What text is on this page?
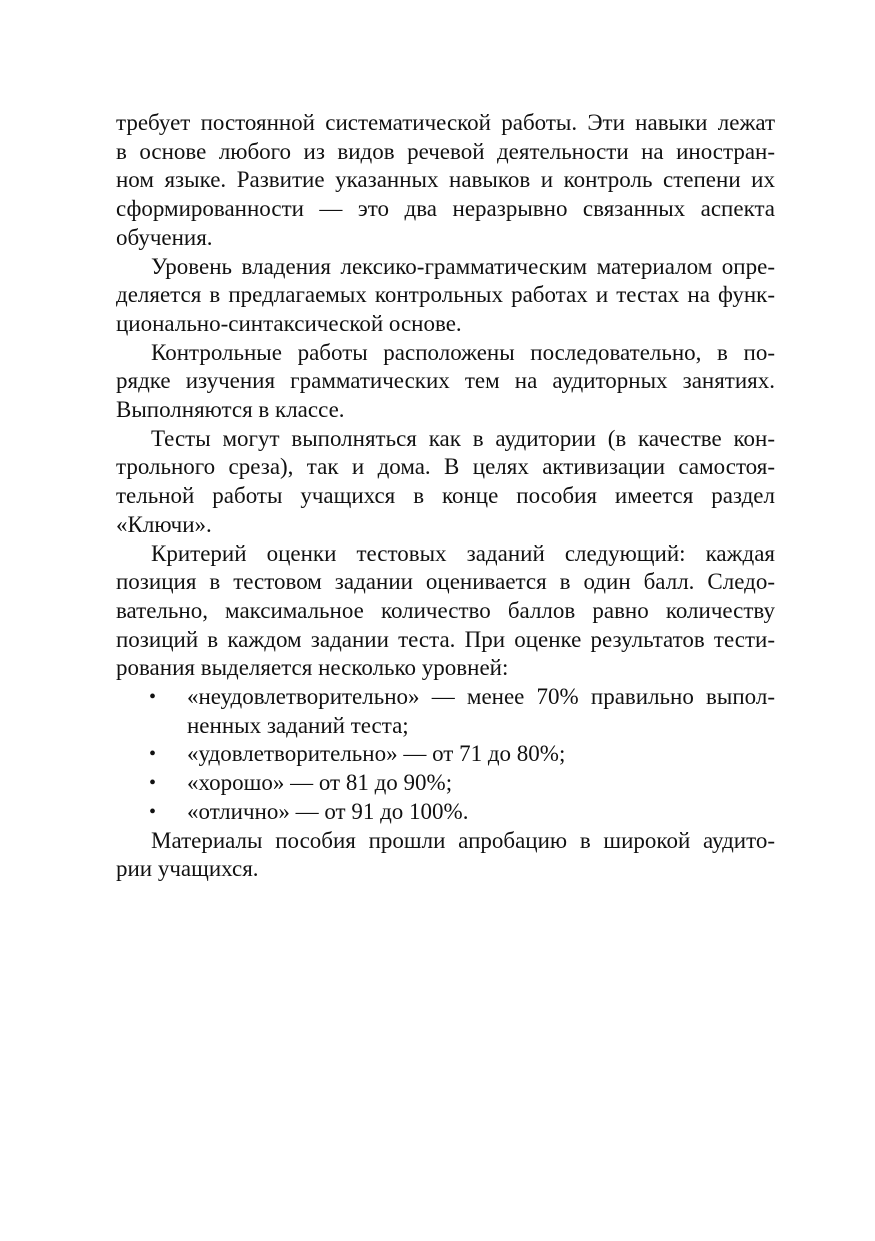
требует постоянной систематической работы. Эти навыки лежат
в основе любого из видов речевой деятельности на иностран-
ном языке. Развитие указанных навыков и контроль степени их
сформированности — это два неразрывно связанных аспекта
обучения.

Уровень владения лексико-грамматическим материалом опре-
деляется в предлагаемых контрольных работах и тестах на функ-
ционально-синтаксической основе.

Контрольные работы расположены последовательно, в по-
рядке изучения грамматических тем на аудиторных занятиях.
Выполняются в классе.

Тесты могут выполняться как в аудитории (в качестве кон-
трольного среза), так и дома. В целях активизации самостоя-
тельной работы учащихся в конце пособия имеется раздел
«Ключи».

Критерий оценки тестовых заданий следующий: каждая
позиция в тестовом задании оценивается в один балл. Следо-
вательно, максимальное количество баллов равно количеству
позиций в каждом задании теста. При оценке результатов тести-
рования выделяется несколько уровней:

• «неудовлетворительно» — менее 70% правильно выпол-
ненных заданий теста;
• «удовлетворительно» — от 71 до 80%;
• «хорошо» — от 81 до 90%;
• «отлично» — от 91 до 100%.

Материалы пособия прошли апробацию в широкой аудито-
рии учащихся.
